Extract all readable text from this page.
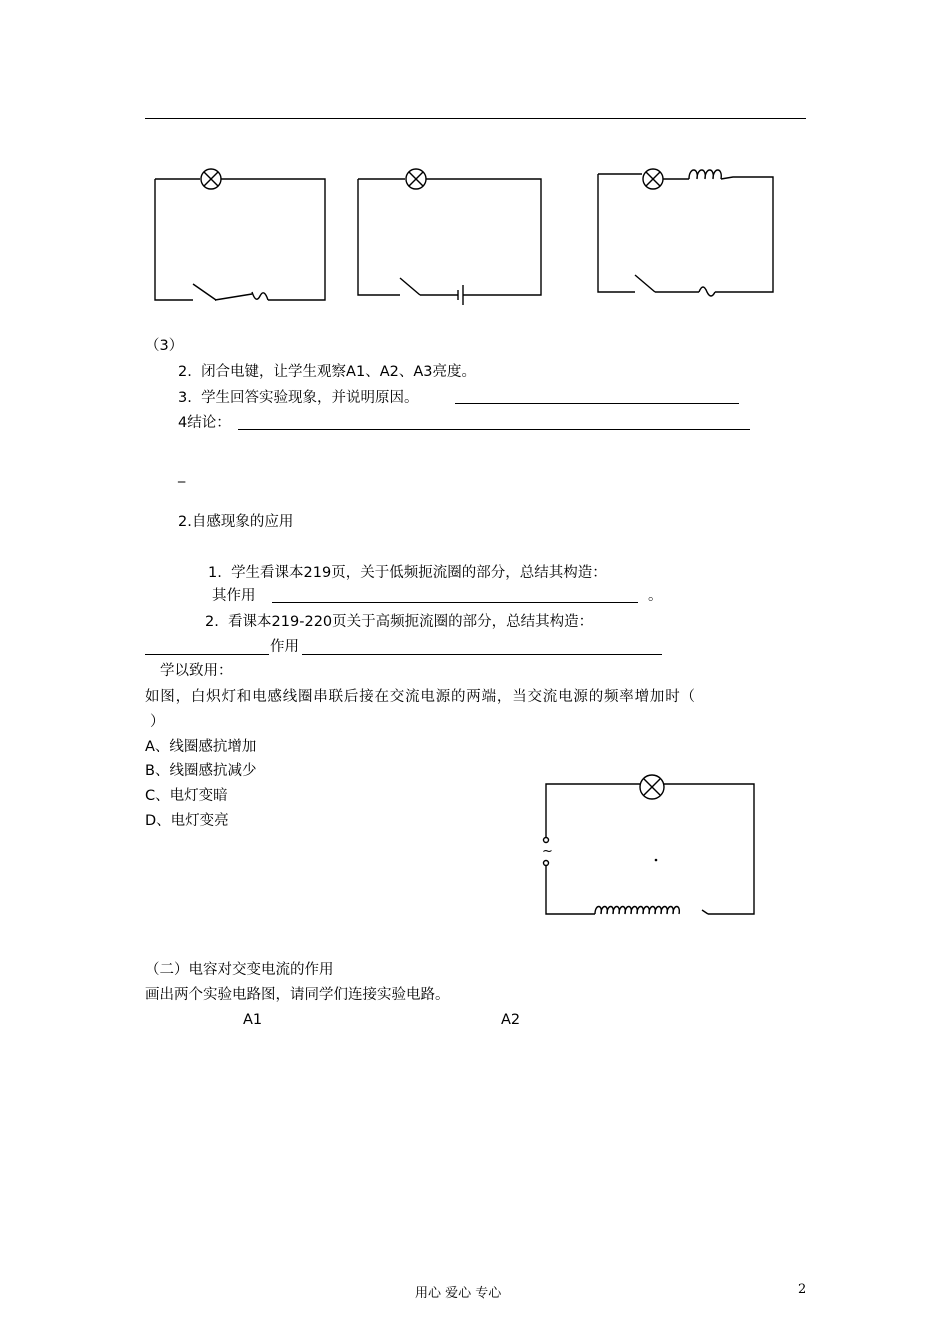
（3）
2. 闭合电键，让学生观察A1、A2、A3亮度。
3. 学生回答实验现象，并说明原因。
4结论：
_
2.自感现象的应用
1. 学生看课本219页，关于低频扼流圈的部分，总结其构造：
其作用	。
2. 看课本219-220页关于高频扼流圈的部分，总结其构造：
作用
学以致用：
如图，白炽灯和电感线圈串联后接在交流电源的两端，当交流电源的频率增加时（
）
A、线圈感抗增加
B、线圈感抗减少
C、电灯变暗
D、电灯变亮
~
（二）电容对交变电流的作用
画出两个实验电路图，请同学们连接实验电路。
A1	A2
用心 爱心 专心	2
